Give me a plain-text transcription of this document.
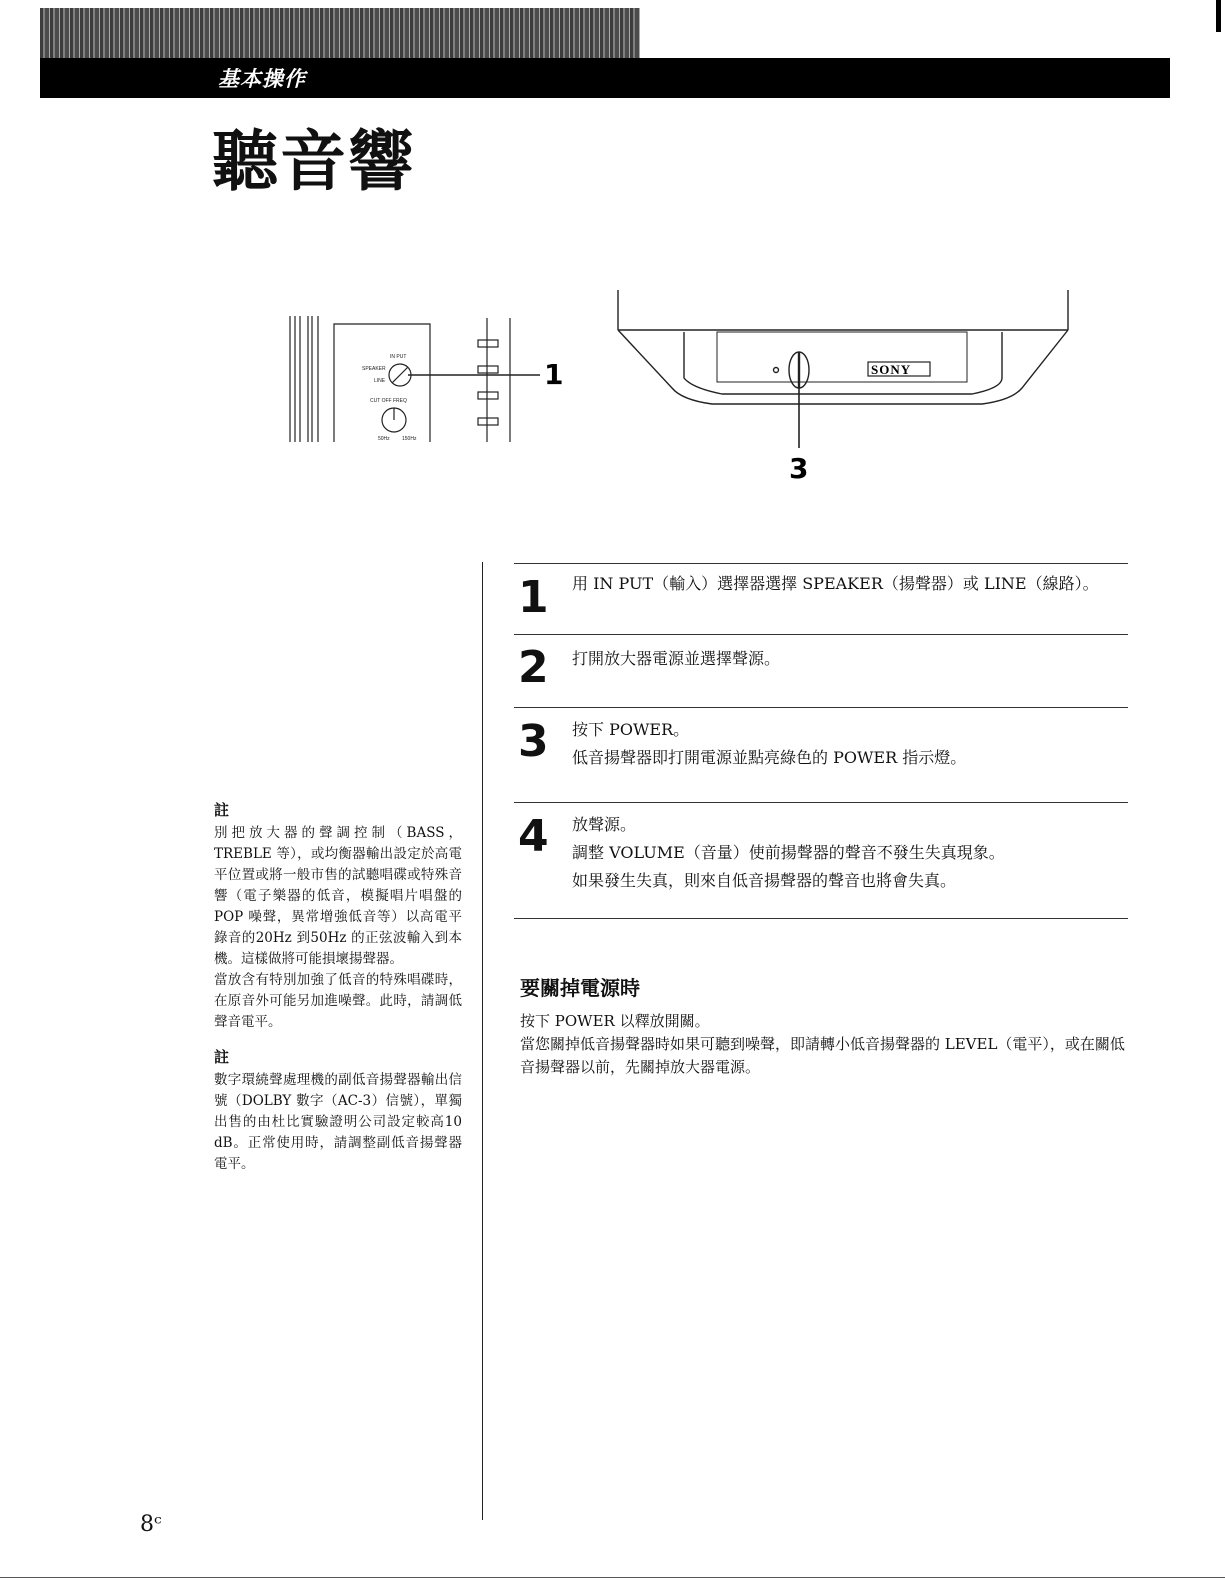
基本操作
聽音響
IN PUT
SPEAKER
LINE
CUT OFF FREQ
50Hz 150Hz
1	SONY
3
註

別把放大器的聲調控制（BASS，TREBLE 等），或均衡器輸出設定於高電平位置或將一般市售的試聽唱碟或特殊音響（電子樂器的低音，模擬唱片唱盤的 POP 噪聲，異常增強低音等）以高電平錄音的20Hz 到50Hz 的正弦波輸入到本機。這樣做將可能損壞揚聲器。

當放含有特別加強了低音的特殊唱碟時，在原音外可能另加進噪聲。此時，請調低聲音電平。

註

數字環繞聲處理機的副低音揚聲器輸出信號（DOLBY 數字（AC-3）信號），單獨出售的由杜比實驗證明公司設定較高10 dB。正常使用時，請調整副低音揚聲器電平。

1 用 IN PUT（輸入）選擇器選擇 SPEAKER（揚聲器）或 LINE（線路）。

2 打開放大器電源並選擇聲源。

3 按下 POWER。

低音揚聲器即打開電源並點亮綠色的 POWER 指示燈。

4 放聲源。

調整 VOLUME（音量）使前揚聲器的聲音不發生失真現象。

如果發生失真，則來自低音揚聲器的聲音也將會失真。

要關掉電源時

按下 POWER 以釋放開關。

當您關掉低音揚聲器時如果可聽到噪聲，即請轉小低音揚聲器的 LEVEL（電平），或在關低音揚聲器以前，先關掉放大器電源。

8ᶜ
